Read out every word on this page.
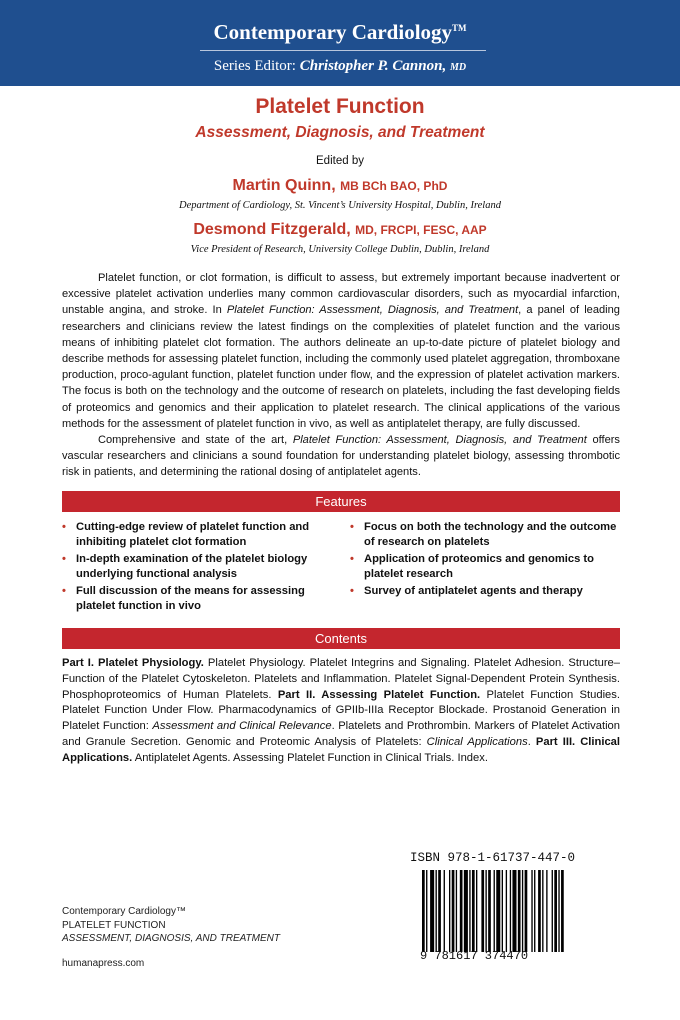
Contemporary Cardiology™
Series Editor: Christopher P. Cannon, MD
Platelet Function
Assessment, Diagnosis, and Treatment
Edited by
Martin Quinn, MB BCh BAO, PhD
Department of Cardiology, St. Vincent’s University Hospital, Dublin, Ireland
Desmond Fitzgerald, MD, FRCPI, FESC, AAP
Vice President of Research, University College Dublin, Dublin, Ireland

Platelet function, or clot formation, is difficult to assess, but extremely important because inadvertent or excessive platelet activation underlies many common cardiovascular disorders, such as myocardial infarction, unstable angina, and stroke. In Platelet Function: Assessment, Diagnosis, and Treatment, a panel of leading researchers and clinicians review the latest findings on the complexities of platelet function and the various means of inhibiting platelet clot formation. The authors delineate an up-to-date picture of platelet biology and describe methods for assessing platelet function, including the commonly used platelet aggregation, thromboxane production, proco-agulant function, platelet function under flow, and the expression of platelet activation markers. The focus is both on the technology and the outcome of research on platelets, including the fast developing fields of proteomics and genomics and their application to platelet research. The clinical applications of the various methods for the assessment of platelet function in vivo, as well as antiplatelet therapy, are fully discussed.

Comprehensive and state of the art, Platelet Function: Assessment, Diagnosis, and Treatment offers vascular researchers and clinicians a sound foundation for understanding platelet biology, assessing thrombotic risk in patients, and determining the rational dosing of antiplatelet agents.

Features
• Cutting-edge review of platelet function and inhibiting platelet clot formation
• In-depth examination of the platelet biology underlying functional analysis
• Full discussion of the means for assessing platelet function in vivo
• Focus on both the technology and the outcome of research on platelets
• Application of proteomics and genomics to platelet research
• Survey of antiplatelet agents and therapy
Contents
Part I. Platelet Physiology. Platelet Physiology. Platelet Integrins and Signaling. Platelet Adhesion. Structure–Function of the Platelet Cytoskeleton. Platelets and Inflammation. Platelet Signal-Dependent Protein Synthesis. Phosphoproteomics of Human Platelets. Part II. Assessing Platelet Function. Platelet Function Studies. Platelet Function Under Flow. Pharmacodynamics of GPIIb-IIIa Receptor Blockade. Prostanoid Generation in Platelet Function: Assessment and Clinical Relevance. Platelets and Prothrombin. Markers of Platelet Activation and Granule Secretion. Genomic and Proteomic Analysis of Platelets: Clinical Applications. Part III. Clinical Applications. Antiplatelet Agents. Assessing Platelet Function in Clinical Trials. Index.
ISBN 978-1-61737-447-0
9 781617 374470
Contemporary Cardiology™
PLATELET FUNCTION
ASSESSMENT, DIAGNOSIS, AND TREATMENT
humanapress.com
